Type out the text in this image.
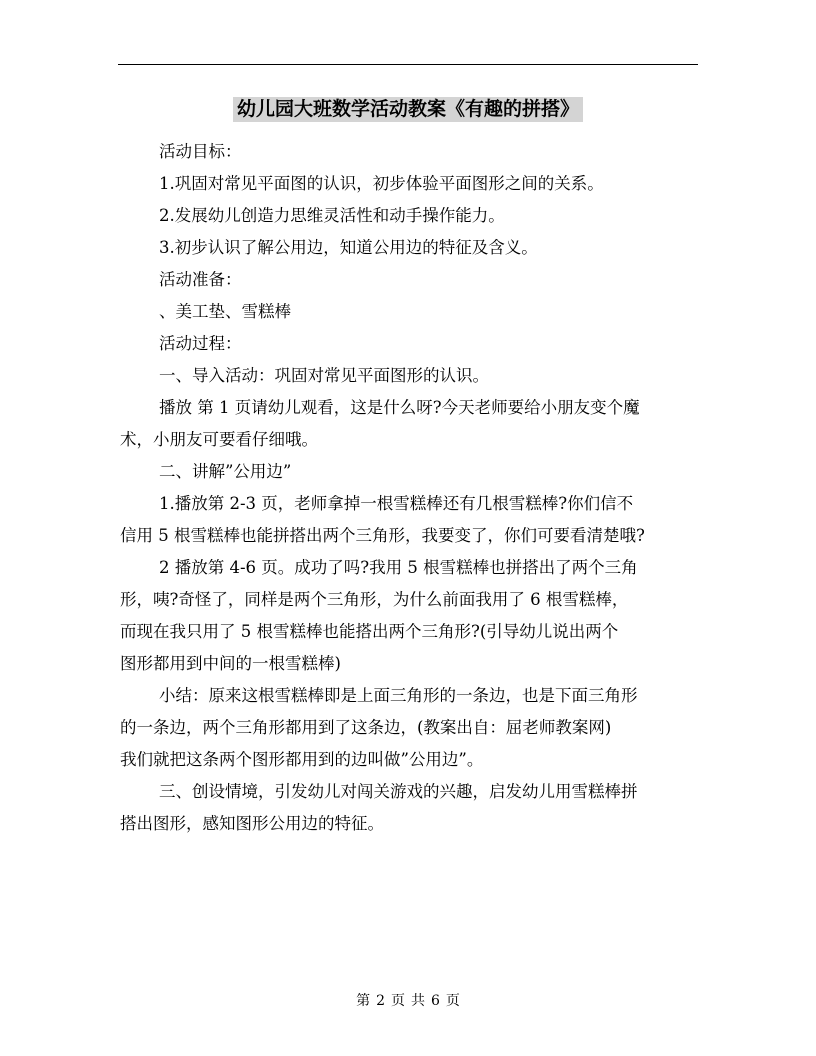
幼儿园大班数学活动教案《有趣的拼搭》

活动目标：

1.巩固对常见平面图的认识，初步体验平面图形之间的关系。

2.发展幼儿创造力思维灵活性和动手操作能力。

3.初步认识了解公用边，知道公用边的特征及含义。

活动准备：

、美工垫、雪糕棒

活动过程：

一、导入活动：巩固对常见平面图形的认识。

播放 第 1 页请幼儿观看，这是什么呀?今天老师要给小朋友变个魔

术，小朋友可要看仔细哦。

二、讲解”公用边”

1.播放第 2-3 页，老师拿掉一根雪糕棒还有几根雪糕棒?你们信不

信用 5 根雪糕棒也能拼搭出两个三角形，我要变了，你们可要看清楚哦?

2 播放第 4-6 页。成功了吗?我用 5 根雪糕棒也拼搭出了两个三角

形，咦?奇怪了，同样是两个三角形，为什么前面我用了 6 根雪糕棒，

而现在我只用了 5 根雪糕棒也能搭出两个三角形?(引导幼儿说出两个

图形都用到中间的一根雪糕棒)

小结：原来这根雪糕棒即是上面三角形的一条边，也是下面三角形

的一条边，两个三角形都用到了这条边，(教案出自：屈老师教案网)

我们就把这条两个图形都用到的边叫做”公用边”。

三、创设情境，引发幼儿对闯关游戏的兴趣，启发幼儿用雪糕棒拼

搭出图形，感知图形公用边的特征。

第 2 页 共 6 页
